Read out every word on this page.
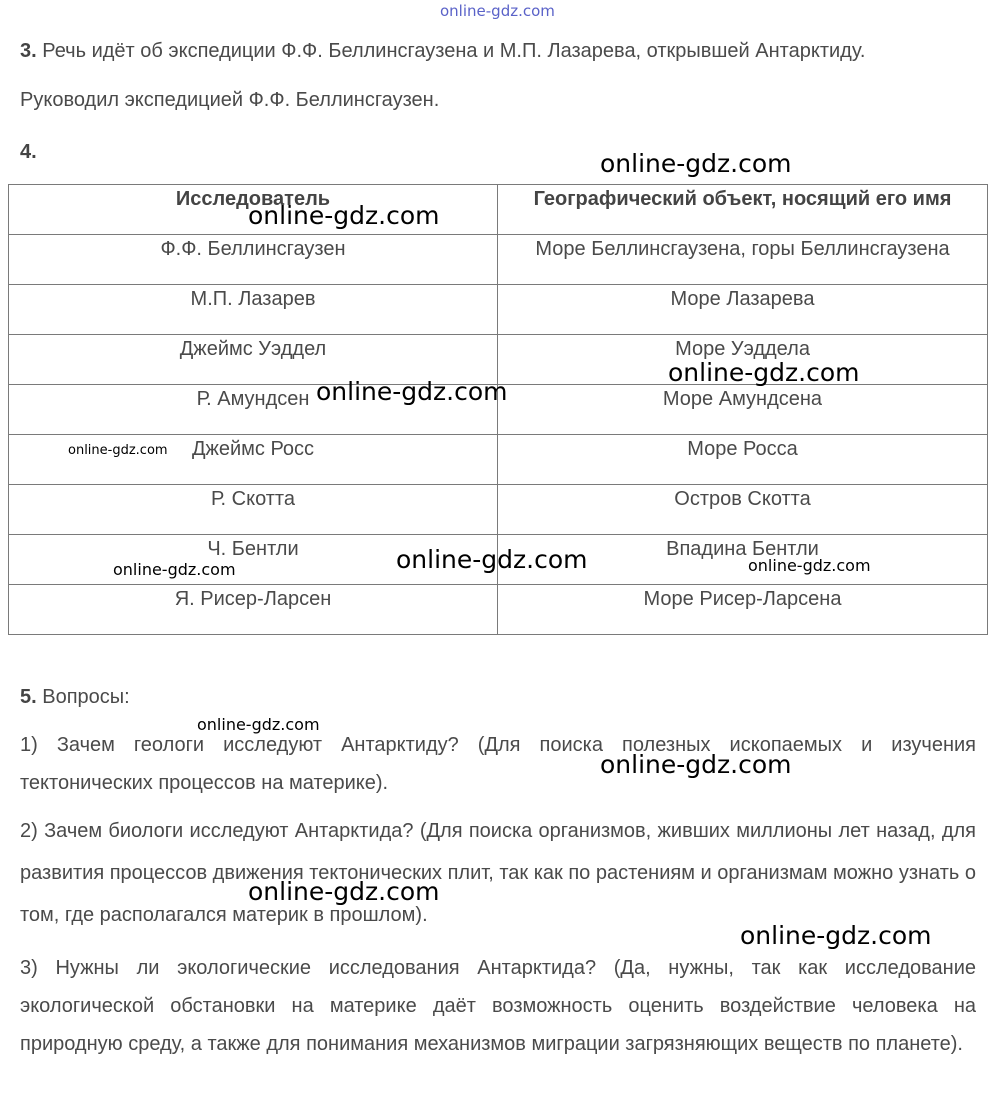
online-gdz.com

3. Речь идёт об экспедиции Ф.Ф. Беллинсгаузена и М.П. Лазарева, открывшей Антарктиду.

Руководил экспедицией Ф.Ф. Беллинсгаузен.

4.

Исследователь	Географический объект, носящий его имя

Ф.Ф. Беллинсгаузен	Море Беллинсгаузена, горы Беллинсгаузена

М.П. Лазарев	Море Лазарева

Джеймс Уэддел	Море Уэддела

Р. Амундсен	Море Амундсена

Джеймс Росс	Море Росса

Р. Скотта	Остров Скотта

Ч. Бентли	Впадина Бентли

Я. Рисер-Ларсен	Море Рисер-Ларсена

5. Вопросы:

1) Зачем геологи исследуют Антарктиду? (Для поиска полезных ископаемых и изучения тектонических процессов на материке).

2) Зачем биологи исследуют Антарктида? (Для поиска организмов, живших миллионы лет назад, для развития процессов движения тектонических плит, так как по растениям и организмам можно узнать о том, где располагался материк в прошлом).

3) Нужны ли экологические исследования Антарктида? (Да, нужны, так как исследование экологической обстановки на материке даёт возможность оценить воздействие человека на природную среду, а также для понимания механизмов миграции загрязняющих веществ по планете).

online-gdz.com
online-gdz.com
online-gdz.com
online-gdz.com
online-gdz.com
online-gdz.com
online-gdz.com	online-gdz.com
online-gdz.com
online-gdz.com
online-gdz.com
online-gdz.com
